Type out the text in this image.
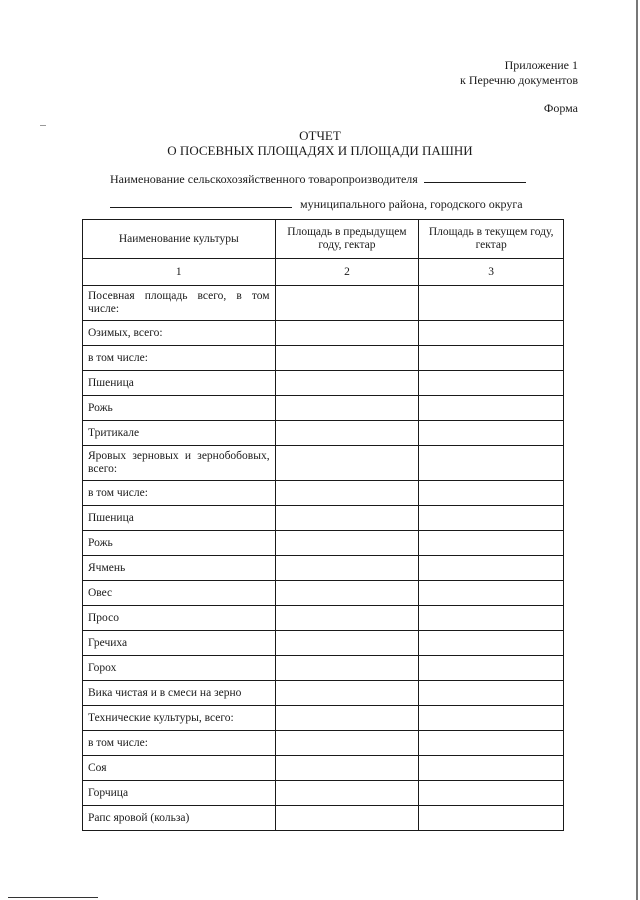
Приложение 1
к Перечню документов
Форма
ОТЧЕТ
О ПОСЕВНЫХ ПЛОЩАДЯХ И ПЛОЩАДИ ПАШНИ
Наименование сельскохозяйственного товаропроизводителя
муниципального района, городского округа
Наименование культуры	Площадь в предыдущем году, гектар	Площадь в текущем году, гектар
1	2	3
Посевная площадь всего, в том числе:		
Озимых, всего:		
в том числе:		
Пшеница		
Рожь		
Тритикале		
Яровых зерновых и зернобобовых, всего:		
в том числе:		
Пшеница		
Рожь		
Ячмень		
Овес		
Просо		
Гречиха		
Горох		
Вика чистая и в смеси на зерно		
Технические культуры, всего:		
в том числе:		
Соя		
Горчица		
Рапс яровой (кольза)		
